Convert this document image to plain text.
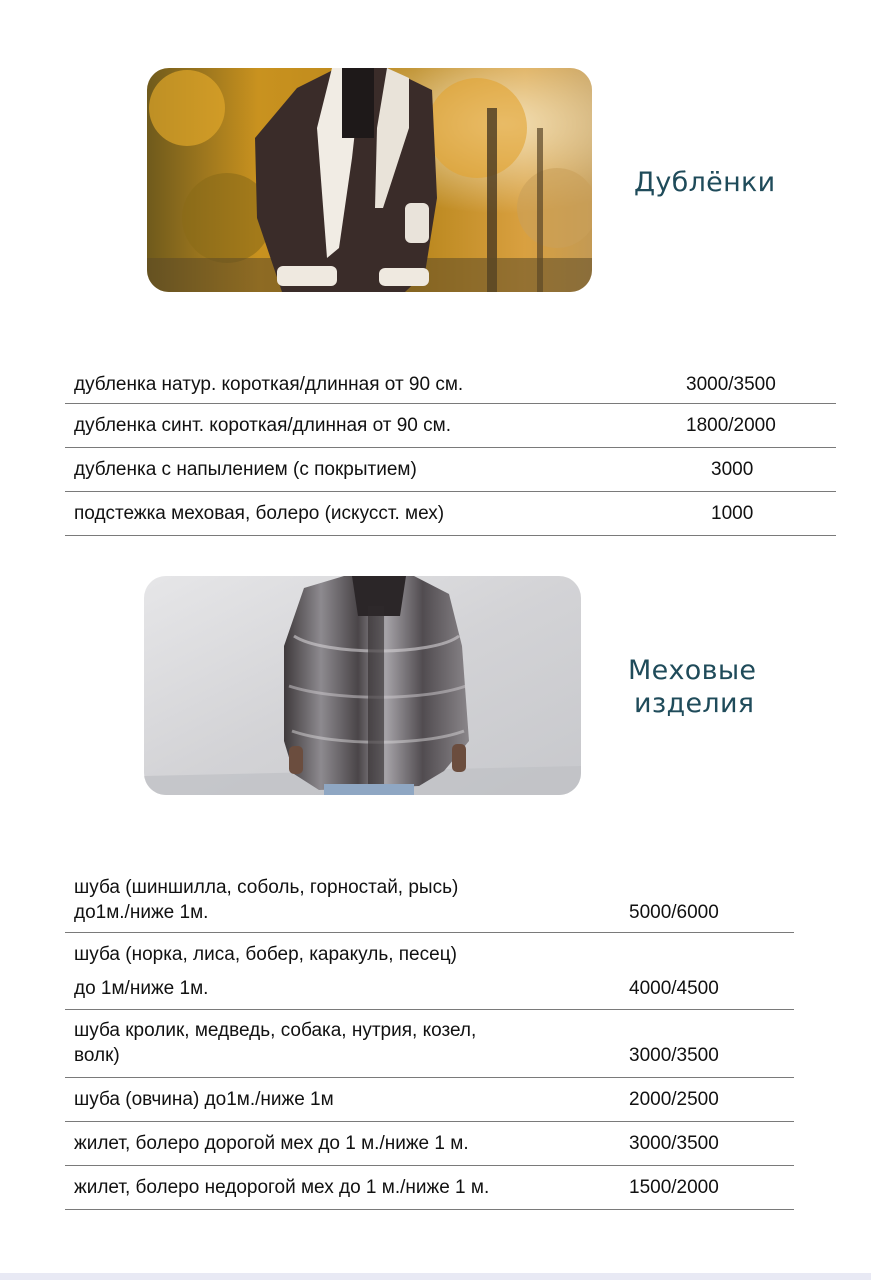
Дублёнки
дубленка натур. короткая/длинная от 90 см.	3000/3500
дубленка синт. короткая/длинная от 90 см.	1800/2000
дубленка с напылением (с покрытием)	3000
подстежка меховая, болеро (искусст. мех)	1000
Меховые
изделия
шуба (шиншилла, соболь, горностай, рысь)
до1м./ниже 1м.	5000/6000
шуба (норка, лиса, бобер, каракуль, песец)
до 1м/ниже 1м.	4000/4500
шуба кролик, медведь, собака, нутрия, козел,
волк)	3000/3500
шуба (овчина) до1м./ниже 1м	2000/2500
жилет, болеро дорогой мех до 1 м./ниже 1 м.	3000/3500
жилет, болеро недорогой мех до 1 м./ниже 1 м.	1500/2000
